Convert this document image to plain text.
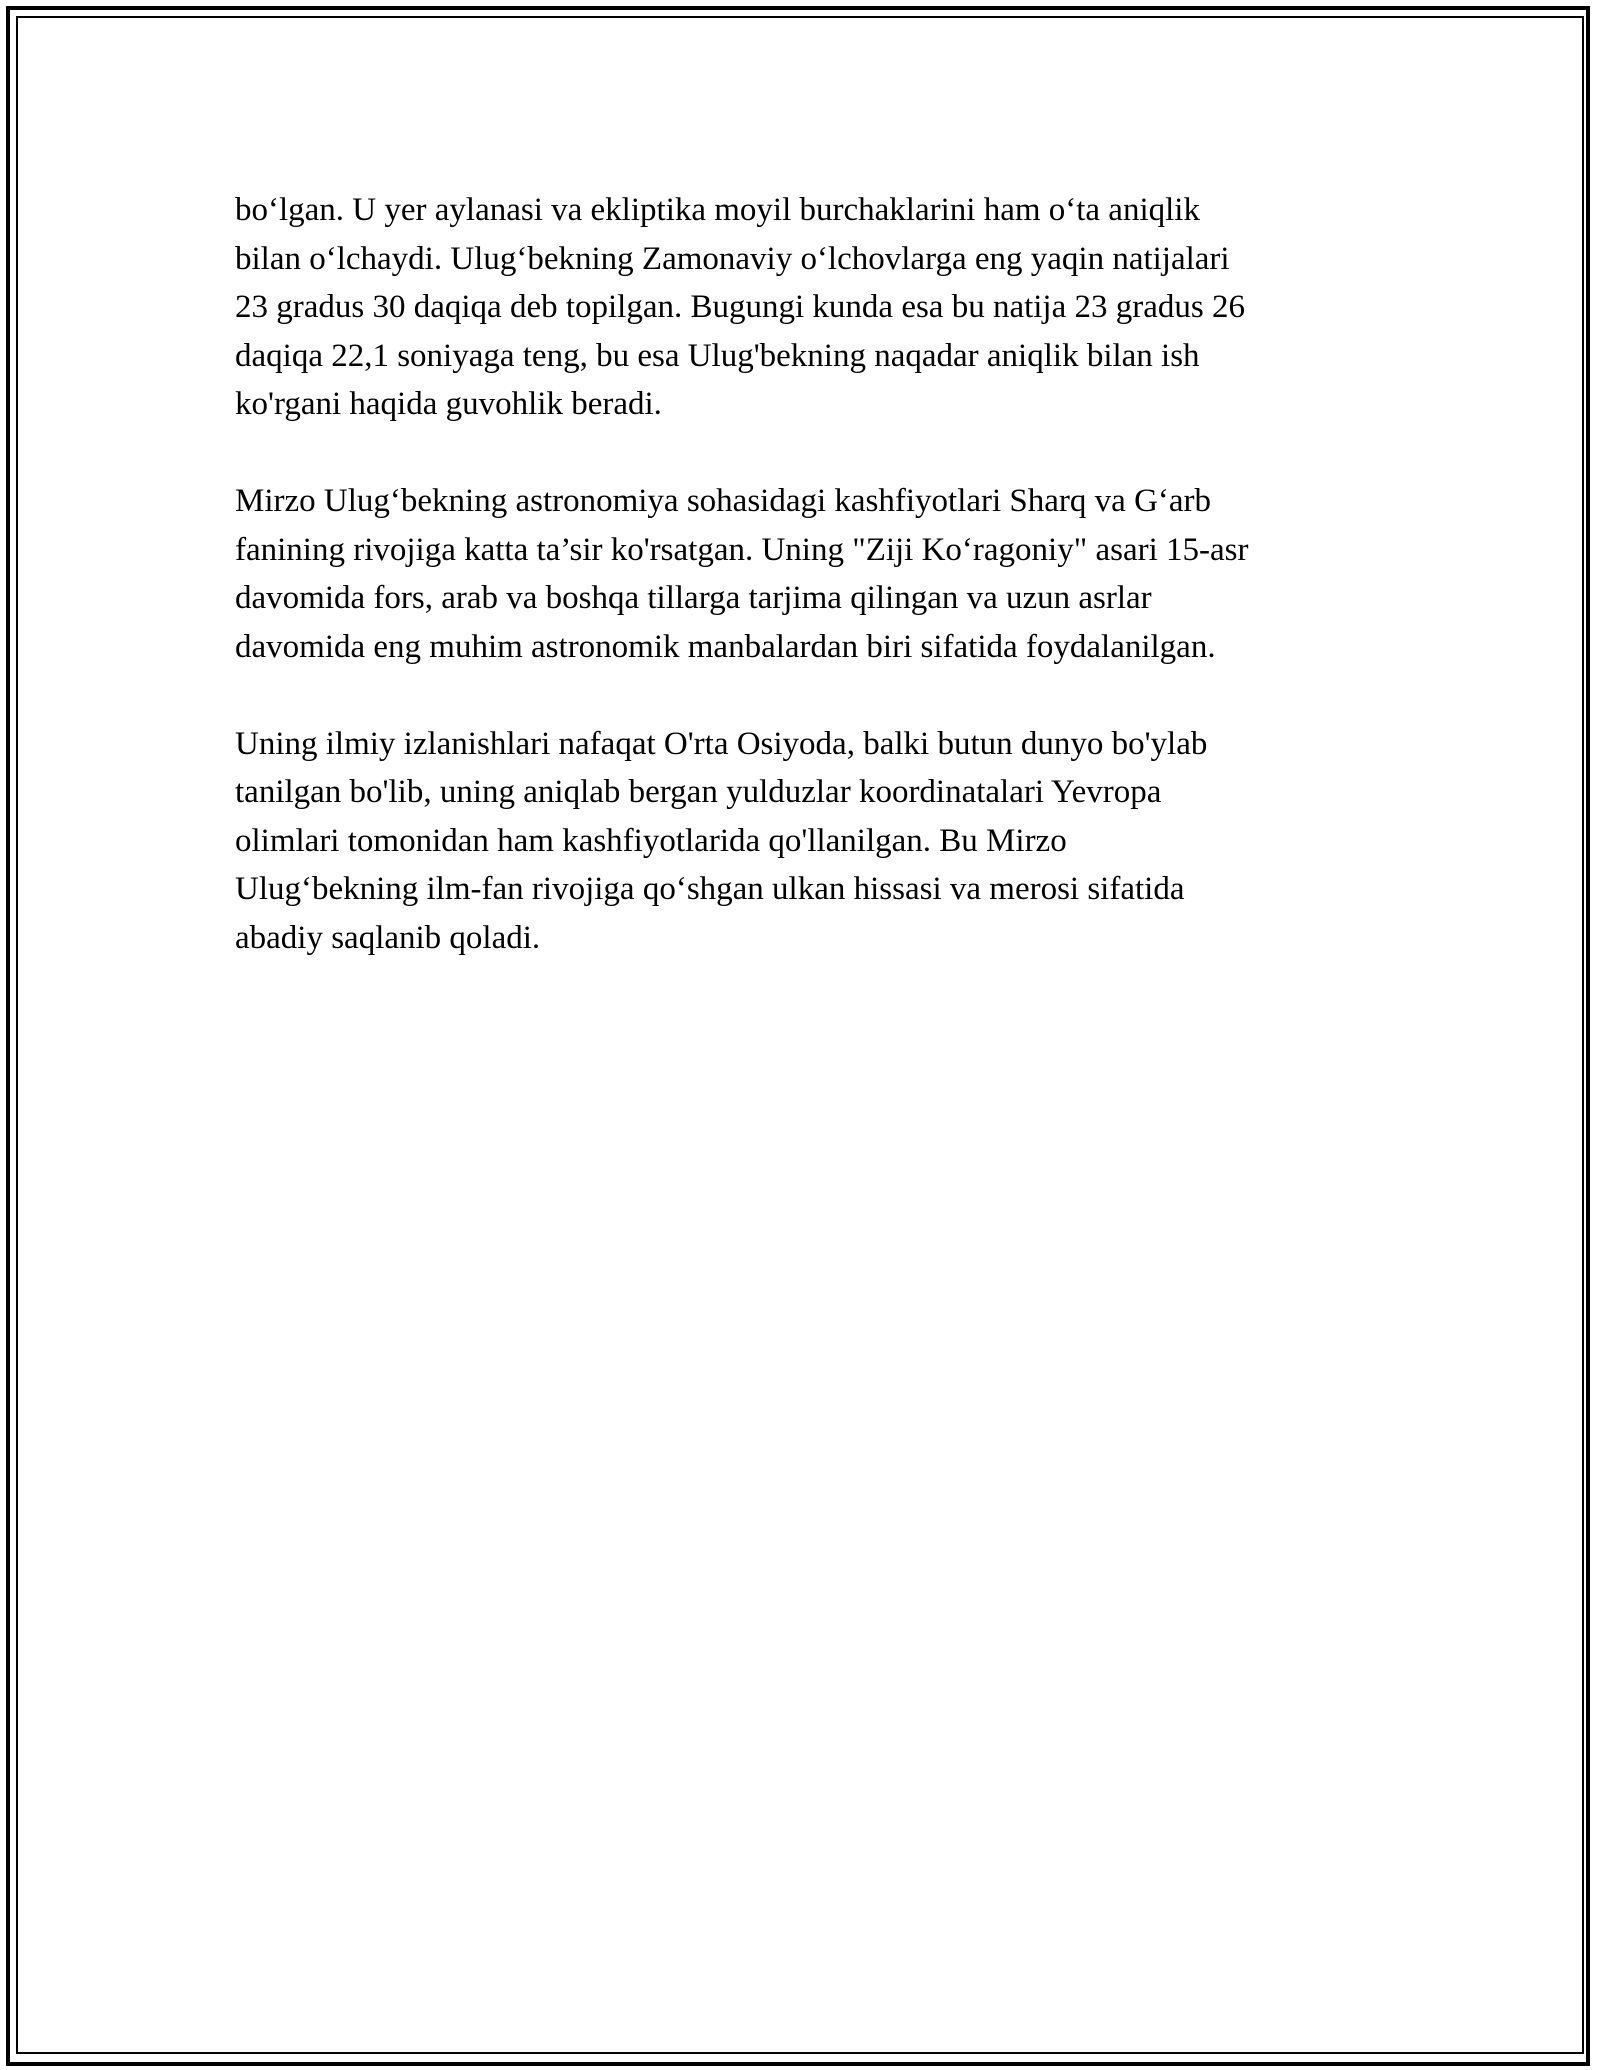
bo‘lgan. U yer aylanasi va ekliptika moyil burchaklarini ham o‘ta aniqlik
bilan o‘lchaydi. Ulug‘bekning Zamonaviy o‘lchovlarga eng yaqin natijalari
23 gradus 30 daqiqa deb topilgan. Bugungi kunda esa bu natija 23 gradus 26
daqiqa 22,1 soniyaga teng, bu esa Ulug'bekning naqadar aniqlik bilan ish
ko'rgani haqida guvohlik beradi.

Mirzo Ulug‘bekning astronomiya sohasidagi kashfiyotlari Sharq va G‘arb
fanining rivojiga katta ta’sir ko'rsatgan. Uning "Ziji Ko‘ragoniy" asari 15-asr
davomida fors, arab va boshqa tillarga tarjima qilingan va uzun asrlar
davomida eng muhim astronomik manbalardan biri sifatida foydalanilgan.

Uning ilmiy izlanishlari nafaqat O'rta Osiyoda, balki butun dunyo bo'ylab
tanilgan bo'lib, uning aniqlab bergan yulduzlar koordinatalari Yevropa
olimlari tomonidan ham kashfiyotlarida qo'llanilgan. Bu Mirzo
Ulug‘bekning ilm-fan rivojiga qo‘shgan ulkan hissasi va merosi sifatida
abadiy saqlanib qoladi.
